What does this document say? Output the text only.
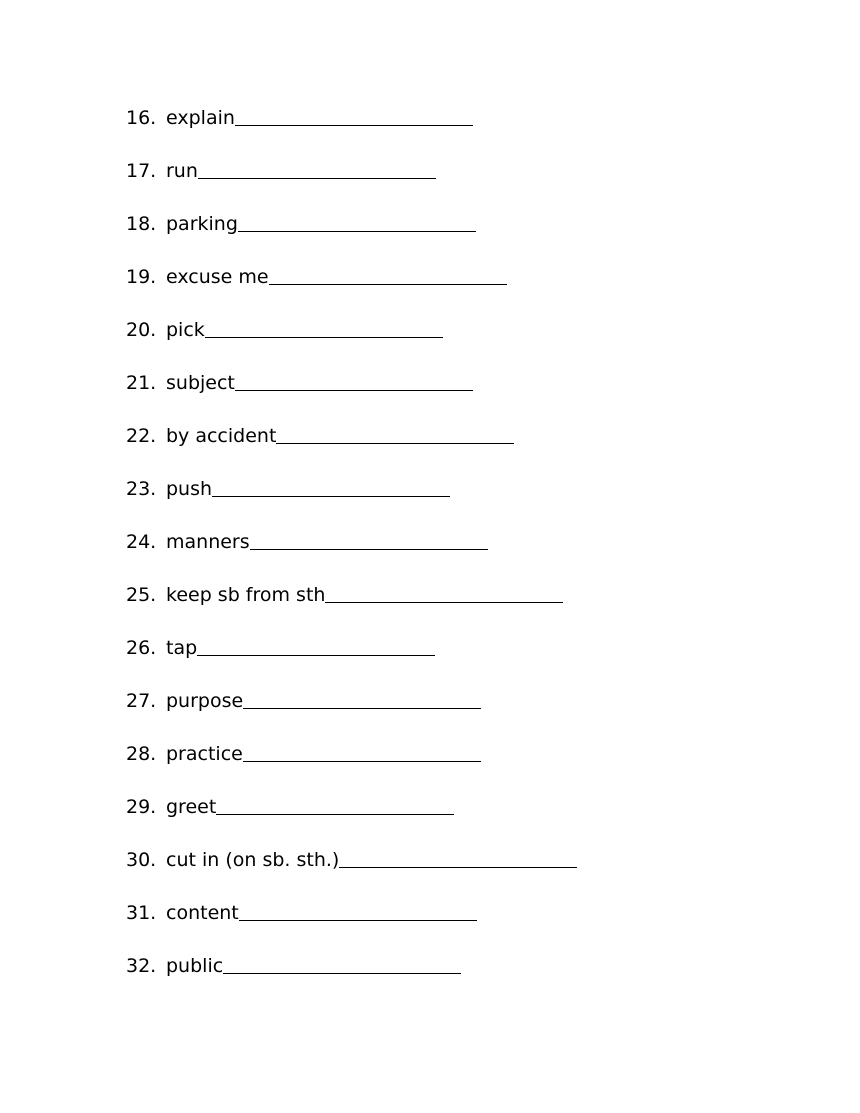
16. explain
17. run
18. parking
19. excuse me
20. pick
21. subject
22. by accident
23. push
24. manners
25. keep sb from sth
26. tap
27. purpose
28. practice
29. greet
30. cut in (on sb. sth.)
31. content
32. public
